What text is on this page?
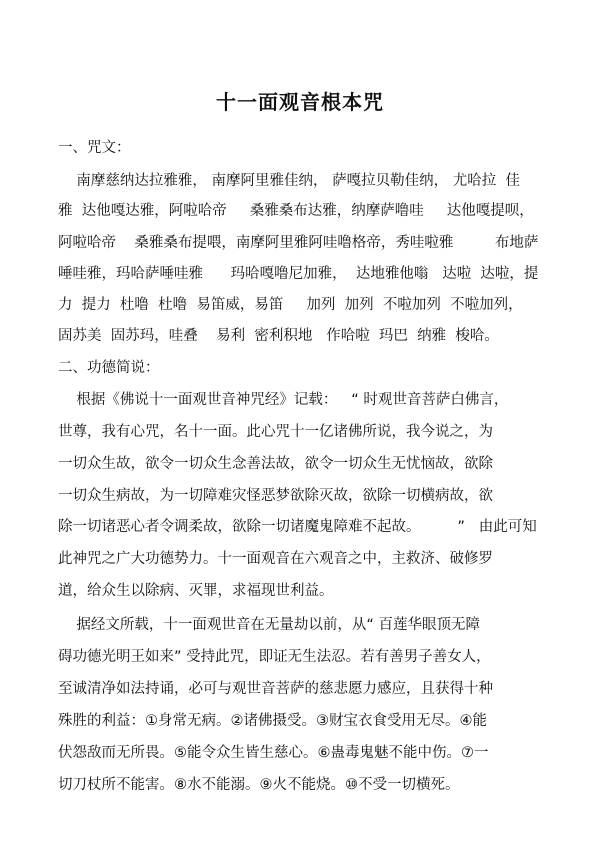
十一面观音根本咒
一、咒文：
南摩慈纳达拉雅雅， 南摩阿里雅佳纳， 萨嘎拉贝勒佳纳， 尤哈拉  佳
雅  达他嘎达雅，阿啦哈帝     桑雅桑布达雅，纳摩萨噜哇     达他嘎提呗，
阿啦哈帝    桑雅桑布提喂，南摩阿里雅阿哇噜格帝，秀哇啦雅         布地萨
唾哇雅，玛哈萨唾哇雅      玛哈嘎噜尼加雅，  达地雅他嗡   达啦  达啦，提
力  提力  杜噜  杜噜  易笛威，易笛     加列  加列  不啦加列  不啦加列，
固苏美  固苏玛，哇叠    易利  密利积地   作哈啦  玛巴  纳雅  梭哈。
二、功德简说：
根据《佛说十一面观世音神咒经》记载：   “ 时观世音菩萨白佛言，
世尊，我有心咒，名十一面。此心咒十一亿诸佛所说，我今说之，为
一切众生故，欲令一切众生念善法故，欲令一切众生无忧恼故，欲除
一切众生病故，为一切障难灾怪恶梦欲除灭故，欲除一切横病故，欲
除一切诸恶心者令调柔故，欲除一切诸魔鬼障难不起故。        ”   由此可知
此神咒之广大功德势力。十一面观音在六观音之中，主救济、破修罗
道，给众生以除病、灭罪，求福现世利益。
据经文所载，十一面观世音在无量劫以前，从“ 百莲华眼顶无障
碍功德光明王如来” 受持此咒，即证无生法忍。若有善男子善女人，
至诚清净如法持诵，必可与观世音菩萨的慈悲愿力感应，且获得十种
殊胜的利益：①身常无病。②诸佛摄受。③财宝衣食受用无尽。④能
伏怨敌而无所畏。⑤能令众生皆生慈心。⑥蛊毒鬼魅不能中伤。⑦一
切刀杖所不能害。⑧水不能溺。⑨火不能烧。⑩不受一切横死。
